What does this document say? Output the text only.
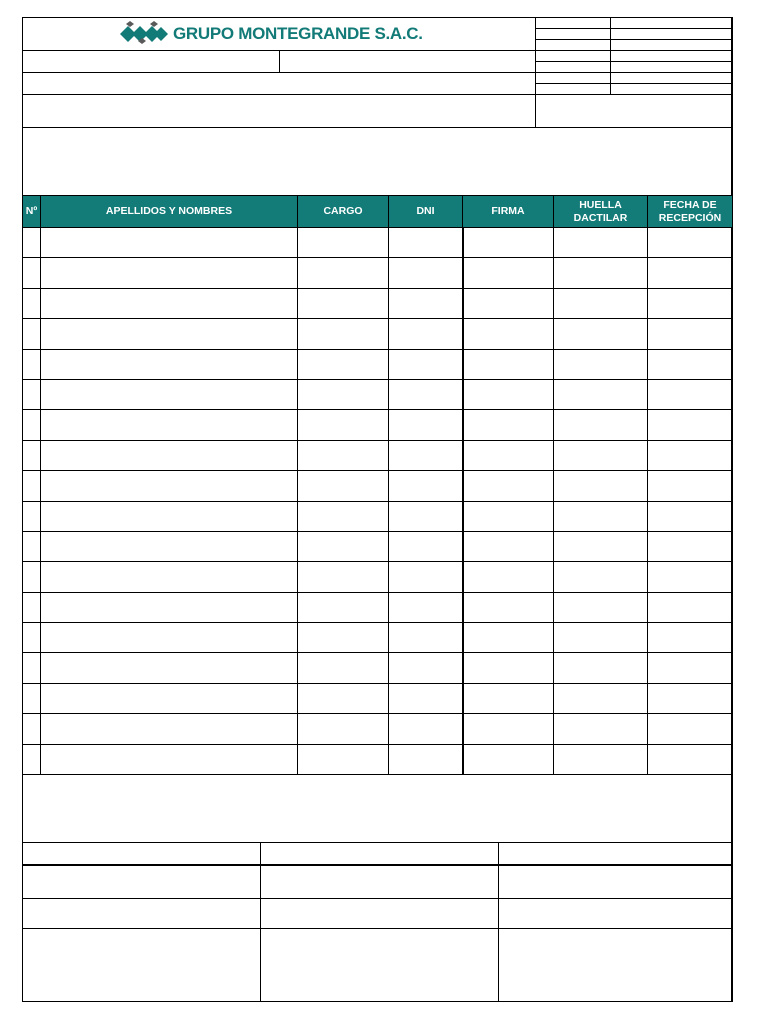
GRUPO MONTEGRANDE S.A.C.
Nº	APELLIDOS Y NOMBRES	CARGO	DNI	FIRMA	HUELLA DACTILAR	FECHA DE RECEPCIÓN
